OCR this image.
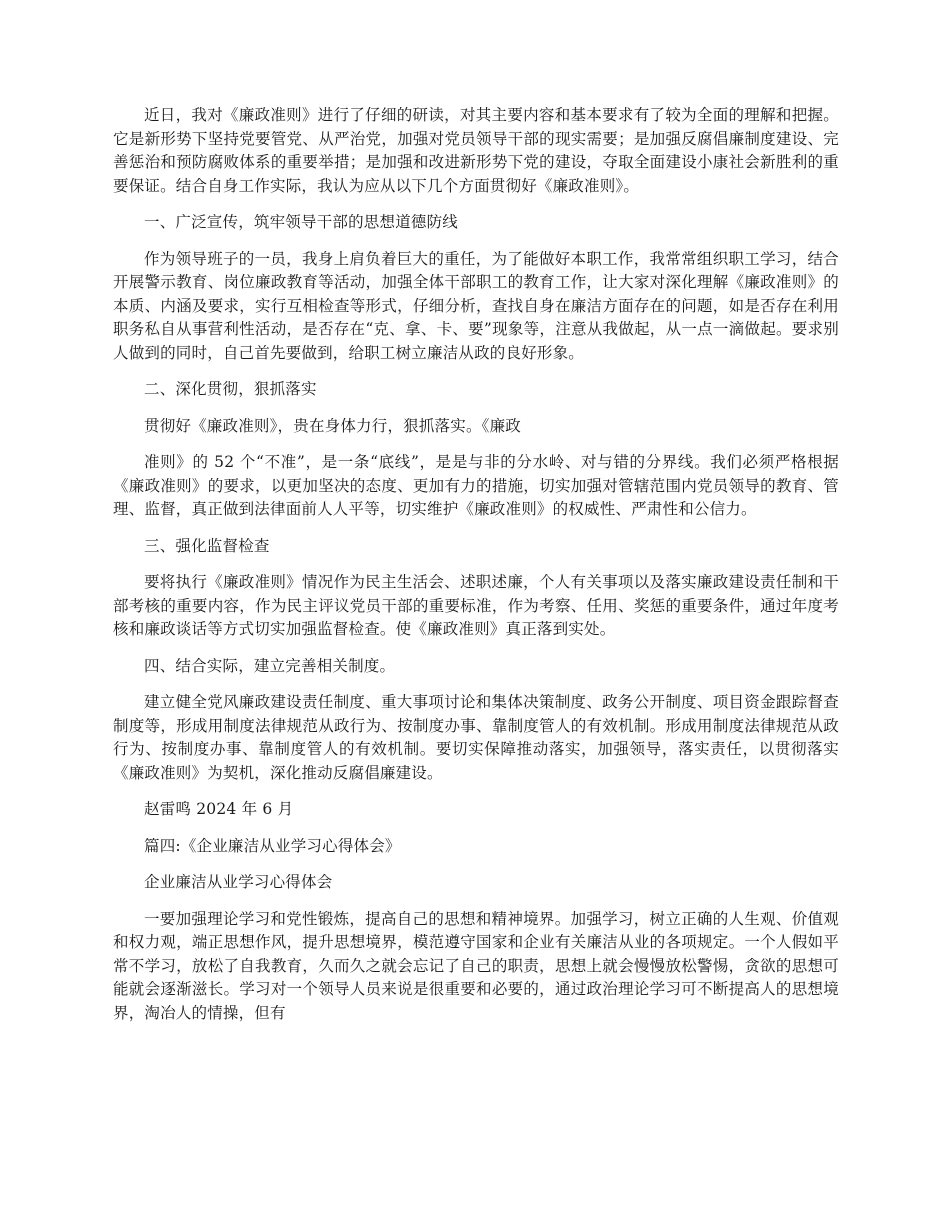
近日，我对《廉政准则》进行了仔细的研读，对其主要内容和基本要求有了较为全面的理解和把握。它是新形势下坚持党要管党、从严治党，加强对党员领导干部的现实需要；是加强反腐倡廉制度建设、完善惩治和预防腐败体系的重要举措；是加强和改进新形势下党的建设，夺取全面建设小康社会新胜利的重要保证。结合自身工作实际，我认为应从以下几个方面贯彻好《廉政准则》。

一、广泛宣传，筑牢领导干部的思想道德防线

作为领导班子的一员，我身上肩负着巨大的重任，为了能做好本职工作，我常常组织职工学习，结合开展警示教育、岗位廉政教育等活动，加强全体干部职工的教育工作，让大家对深化理解《廉政准则》的本质、内涵及要求，实行互相检查等形式，仔细分析，查找自身在廉洁方面存在的问题，如是否存在利用职务私自从事营利性活动，是否存在“克、拿、卡、要”现象等，注意从我做起，从一点一滴做起。要求别人做到的同时，自己首先要做到，给职工树立廉洁从政的良好形象。

二、深化贯彻，狠抓落实

贯彻好《廉政准则》，贵在身体力行，狠抓落实。《廉政

准则》的 52 个“不准”，是一条“底线”，是是与非的分水岭、对与错的分界线。我们必须严格根据《廉政准则》的要求，以更加坚决的态度、更加有力的措施，切实加强对管辖范围内党员领导的教育、管理、监督，真正做到法律面前人人平等，切实维护《廉政准则》的权威性、严肃性和公信力。

三、强化监督检查

要将执行《廉政准则》情况作为民主生活会、述职述廉，个人有关事项以及落实廉政建设责任制和干部考核的重要内容，作为民主评议党员干部的重要标准，作为考察、任用、奖惩的重要条件，通过年度考核和廉政谈话等方式切实加强监督检查。使《廉政准则》真正落到实处。

四、结合实际，建立完善相关制度。

建立健全党风廉政建设责任制度、重大事项讨论和集体决策制度、政务公开制度、项目资金跟踪督查制度等，形成用制度法律规范从政行为、按制度办事、靠制度管人的有效机制。形成用制度法律规范从政行为、按制度办事、靠制度管人的有效机制。要切实保障推动落实，加强领导，落实责任，以贯彻落实《廉政准则》为契机，深化推动反腐倡廉建设。

赵雷鸣 2024 年 6 月

篇四:《企业廉洁从业学习心得体会》

企业廉洁从业学习心得体会

一要加强理论学习和党性锻炼，提高自己的思想和精神境界。加强学习，树立正确的人生观、价值观和权力观，端正思想作风，提升思想境界，模范遵守国家和企业有关廉洁从业的各项规定。一个人假如平常不学习，放松了自我教育，久而久之就会忘记了自己的职责，思想上就会慢慢放松警惕，贪欲的思想可能就会逐渐滋长。学习对一个领导人员来说是很重要和必要的，通过政治理论学习可不断提高人的思想境界，淘冶人的情操，但有
